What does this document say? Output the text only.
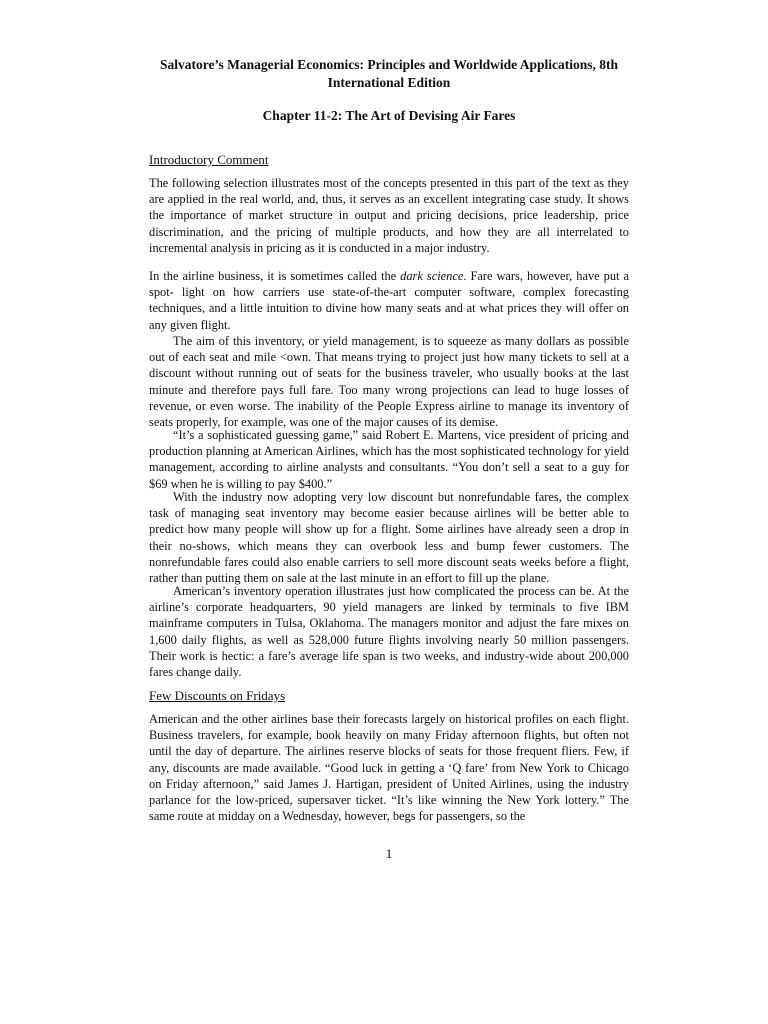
Salvatore’s Managerial Economics: Principles and Worldwide Applications, 8th International Edition

Chapter 11-2: The Art of Devising Air Fares

Introductory Comment

The following selection illustrates most of the concepts presented in this part of the text as they are applied in the real world, and, thus, it serves as an excellent integrating case study. It shows the importance of market structure in output and pricing decisions, price leadership, price discrimination, and the pricing of multiple products, and how they are all interrelated to incremental analysis in pricing as it is conducted in a major industry.

In the airline business, it is sometimes called the dark science. Fare wars, however, have put a spot- light on how carriers use state-of-the-art computer software, complex forecasting techniques, and a little intuition to divine how many seats and at what prices they will offer on any given flight.

The aim of this inventory, or yield management, is to squeeze as many dollars as possible out of each seat and mile <own. That means trying to project just how many tickets to sell at a discount without running out of seats for the business traveler, who usually books at the last minute and therefore pays full fare. Too many wrong projections can lead to huge losses of revenue, or even worse. The inability of the People Express airline to manage its inventory of seats properly, for example, was one of the major causes of its demise.

“It’s a sophisticated guessing game,” said Robert E. Martens, vice president of pricing and production planning at American Airlines, which has the most sophisticated technology for yield management, according to airline analysts and consultants. “You don’t sell a seat to a guy for $69 when he is willing to pay $400.”

With the industry now adopting very low discount but nonrefundable fares, the complex task of managing seat inventory may become easier because airlines will be better able to predict how many people will show up for a flight. Some airlines have already seen a drop in their no-shows, which means they can overbook less and bump fewer customers. The nonrefundable fares could also enable carriers to sell more discount seats weeks before a flight, rather than putting them on sale at the last minute in an effort to fill up the plane.

American’s inventory operation illustrates just how complicated the process can be. At the airline’s corporate headquarters, 90 yield managers are linked by terminals to five IBM mainframe computers in Tulsa, Oklahoma. The managers monitor and adjust the fare mixes on 1,600 daily flights, as well as 528,000 future flights involving nearly 50 million passengers. Their work is hectic: a fare’s average life span is two weeks, and industry-wide about 200,000 fares change daily.

Few Discounts on Fridays

American and the other airlines base their forecasts largely on historical profiles on each flight. Business travelers, for example, book heavily on many Friday afternoon flights, but often not until the day of departure. The airlines reserve blocks of seats for those frequent fliers. Few, if any, discounts are made available. “Good luck in getting a ‘Q fare’ from New York to Chicago on Friday afternoon,” said James J. Hartigan, president of United Airlines, using the industry parlance for the low-priced, supersaver ticket. “It’s like winning the New York lottery.” The same route at midday on a Wednesday, however, begs for passengers, so the

1
